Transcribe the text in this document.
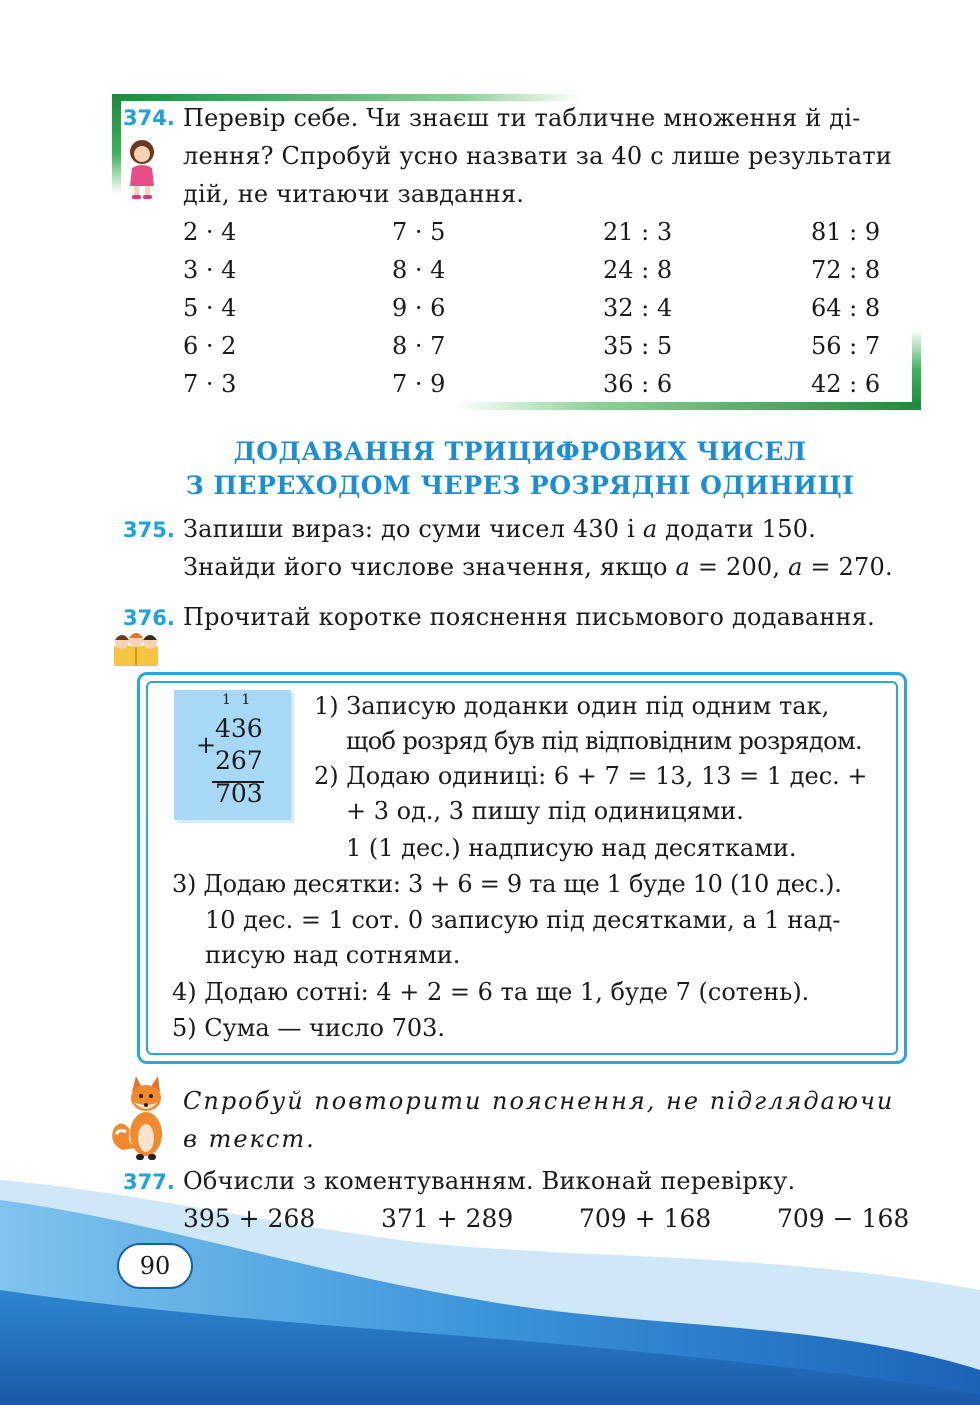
374. Перевір себе. Чи знаєш ти табличне множення й ді-
лення? Спробуй усно назвати за 40 с лише результати
дій, не читаючи завдання.
2 · 4	7 · 5	21 : 3	81 : 9
3 · 4	8 · 4	24 : 8	72 : 8
5 · 4	9 · 6	32 : 4	64 : 8
6 · 2	8 · 7	35 : 5	56 : 7
7 · 3	7 · 9	36 : 6	42 : 6
ДОДАВАННЯ ТРИЦИФРОВИХ ЧИСЕЛ
З ПЕРЕХОДОМ ЧЕРЕЗ РОЗРЯДНІ ОДИНИЦІ
375. Запиши вираз: до суми чисел 430 і a додати 150.
Знайди його числове значення, якщо a = 200, a = 270.
376. Прочитай коротке пояснення письмового додавання.
1 1
+
436
267
703
1) Записую доданки один під одним так,
щоб розряд був під відповідним розрядом.
2) Додаю одиниці: 6 + 7 = 13, 13 = 1 дес. +
+ 3 од., 3 пишу під одиницями.
1 (1 дес.) надписую над десятками.
3) Додаю десятки: 3 + 6 = 9 та ще 1 буде 10 (10 дес.).
10 дес. = 1 сот. 0 записую під десятками, а 1 над-
писую над сотнями.
4) Додаю сотні: 4 + 2 = 6 та ще 1, буде 7 (сотень).
5) Сума — число 703.
Спробуй повторити пояснення, не підглядаючи
в текст.
377. Обчисли з коментуванням. Виконай перевірку.
395 + 268	371 + 289	709 + 168	709 − 168
90
